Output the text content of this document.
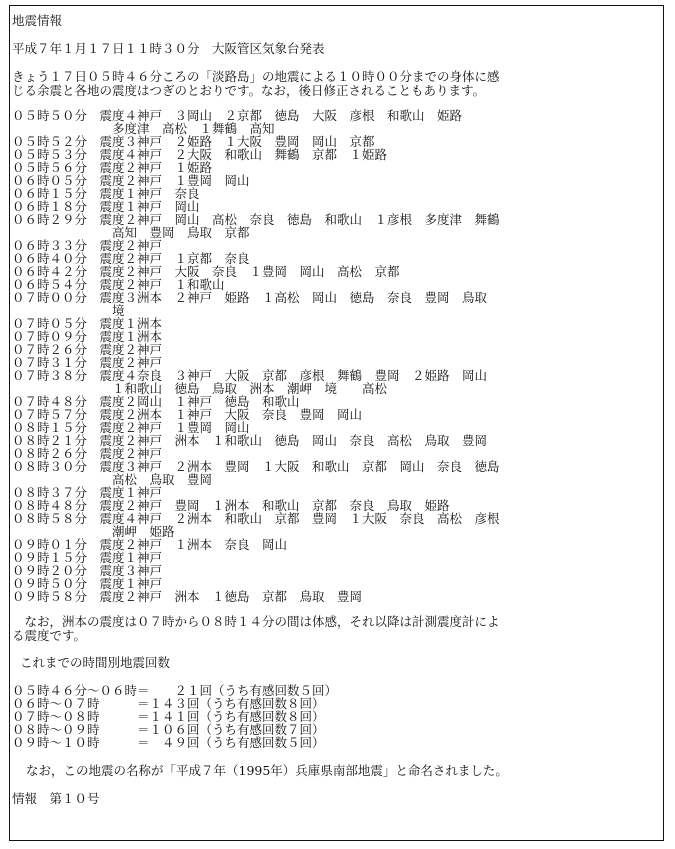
地震情報
平成７年１月１７日１１時３０分　大阪管区気象台発表
きょう１７日０５時４６分ころの「淡路島」の地震による１０時００分までの身体に感
じる余震と各地の震度はつぎのとおりです。なお，後日修正されることもあります。
０５時５０分　震度４神戸　３岡山　２京都　徳島　大阪　彦根　和歌山　姫路
　　　　　　　　多度津　高松　１舞鶴　高知
０５時５２分　震度３神戸　２姫路　１大阪　豊岡　岡山　京都
０５時５３分　震度４神戸　２大阪　和歌山　舞鶴　京都　１姫路
０５時５６分　震度２神戸　１姫路
０６時０５分　震度２神戸　１豊岡　岡山
０６時１５分　震度１神戸　奈良
０６時１８分　震度１神戸　岡山
０６時２９分　震度２神戸　岡山　高松　奈良　徳島　和歌山　１彦根　多度津　舞鶴
　　　　　　　　高知　豊岡　鳥取　京都
０６時３３分　震度２神戸
０６時４０分　震度２神戸　１京都　奈良
０６時４２分　震度２神戸　大阪　奈良　１豊岡　岡山　高松　京都
０６時５４分　震度２神戸　１和歌山
０７時００分　震度３洲本　２神戸　姫路　１高松　岡山　徳島　奈良　豊岡　鳥取
　　　　　　　　境
０７時０５分　震度１洲本
０７時０９分　震度１洲本
０７時２６分　震度２神戸
０７時３１分　震度２神戸
０７時３８分　震度４奈良　３神戸　大阪　京都　彦根　舞鶴　豊岡　２姫路　岡山
　　　　　　　　１和歌山　徳島　鳥取　洲本　潮岬　境　　高松
０７時４８分　震度２岡山　１神戸　徳島　和歌山
０７時５７分　震度２洲本　１神戸　大阪　奈良　豊岡　岡山
０８時１５分　震度２神戸　１豊岡　岡山
０８時２１分　震度２神戸　洲本　１和歌山　徳島　岡山　奈良　高松　鳥取　豊岡
０８時２６分　震度２神戸
０８時３０分　震度３神戸　２洲本　豊岡　１大阪　和歌山　京都　岡山　奈良　徳島
　　　　　　　　高松　鳥取　豊岡
０８時３７分　震度１神戸
０８時４８分　震度２神戸　豊岡　１洲本　和歌山　京都　奈良　鳥取　姫路
０８時５８分　震度４神戸　２洲本　和歌山　京都　豊岡　１大阪　奈良　高松　彦根
　　　　　　　　潮岬　姫路
０９時０１分　震度２神戸　１洲本　奈良　岡山
０９時１５分　震度１神戸
０９時２０分　震度３神戸
０９時５０分　震度１神戸
０９時５８分　震度２神戸　洲本　１徳島　京都　鳥取　豊岡
　なお，洲本の震度は０７時から０８時１４分の間は体感，それ以降は計測震度計によ
る震度です。
これまでの時間別地震回数
０５時４６分～０６時＝　　２１回（うち有感回数５回）
０６時～０７時　　　＝１４３回（うち有感回数８回）
０７時～０８時　　　＝１４１回（うち有感回数８回）
０８時～０９時　　　＝１０６回（うち有感回数７回）
０９時～１０時　　　＝　４９回（うち有感回数５回）
なお，この地震の名称が「平成７年（1995年）兵庫県南部地震」と命名されました。
情報　第１０号
